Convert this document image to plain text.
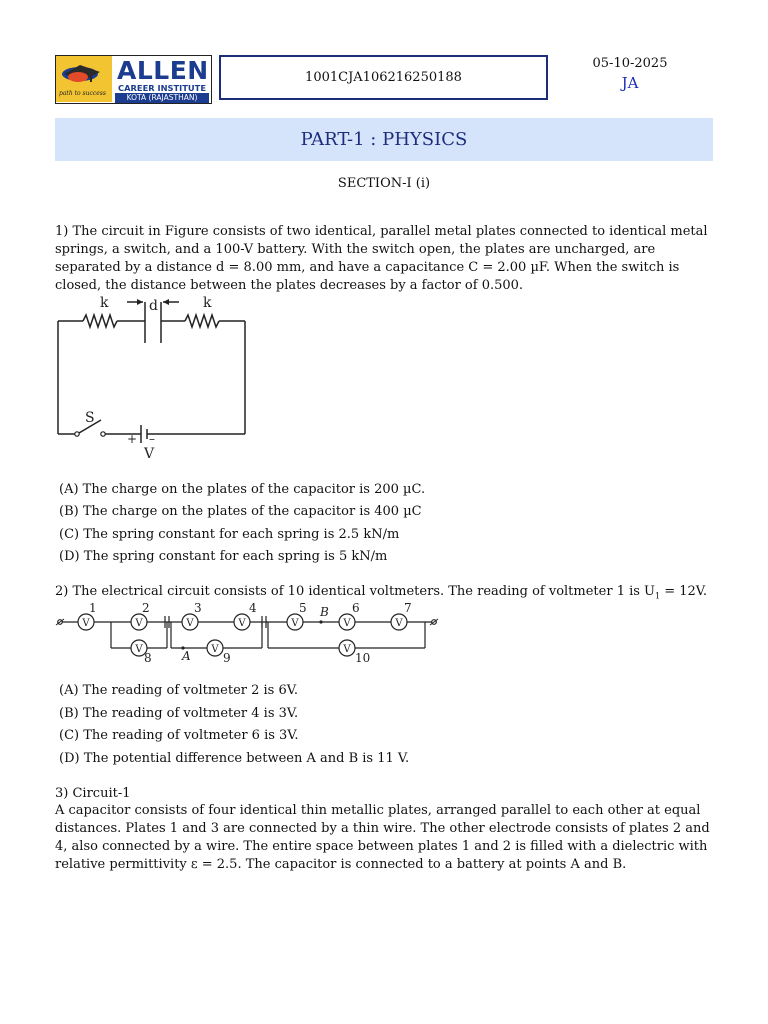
path to success
ALLEN
CAREER INSTITUTE
KOTA (RAJASTHAN)
1001CJA106216250188
05-10-2025
JA
PART-1 : PHYSICS
SECTION-I (i)
1) The circuit in Figure consists of two identical, parallel metal plates connected to identical metal springs, a switch, and a 100-V battery. With the switch open, the plates are uncharged, are separated by a distance d = 8.00 mm, and have a capacitance C = 2.00 µF. When the switch is closed, the distance between the plates decreases by a factor of 0.500.
k	d	k
S
+ –
V
(A) The charge on the plates of the capacitor is 200 µC.
(B) The charge on the plates of the capacitor is 400 µC
(C) The spring constant for each spring is 2.5 kN/m
(D) The spring constant for each spring is 5 kN/m
2) The electrical circuit consists of 10 identical voltmeters. The reading of voltmeter 1 is $U_1 = 12V$.
V	V	V	V	V	V	V
V	V	V
1	2	3	4	5	6	7
8	9	10
A
B
(A) The reading of voltmeter 2 is 6V.
(B) The reading of voltmeter 4 is 3V.
(C) The reading of voltmeter 6 is 3V.
(D) The potential difference between A and B is 11 V.
3) Circuit-1
A capacitor consists of four identical thin metallic plates, arranged parallel to each other at equal distances. Plates 1 and 3 are connected by a thin wire. The other electrode consists of plates 2 and 4, also connected by a wire. The entire space between plates 1 and 2 is filled with a dielectric with relative permittivity ε = 2.5. The capacitor is connected to a battery at points A and B.
